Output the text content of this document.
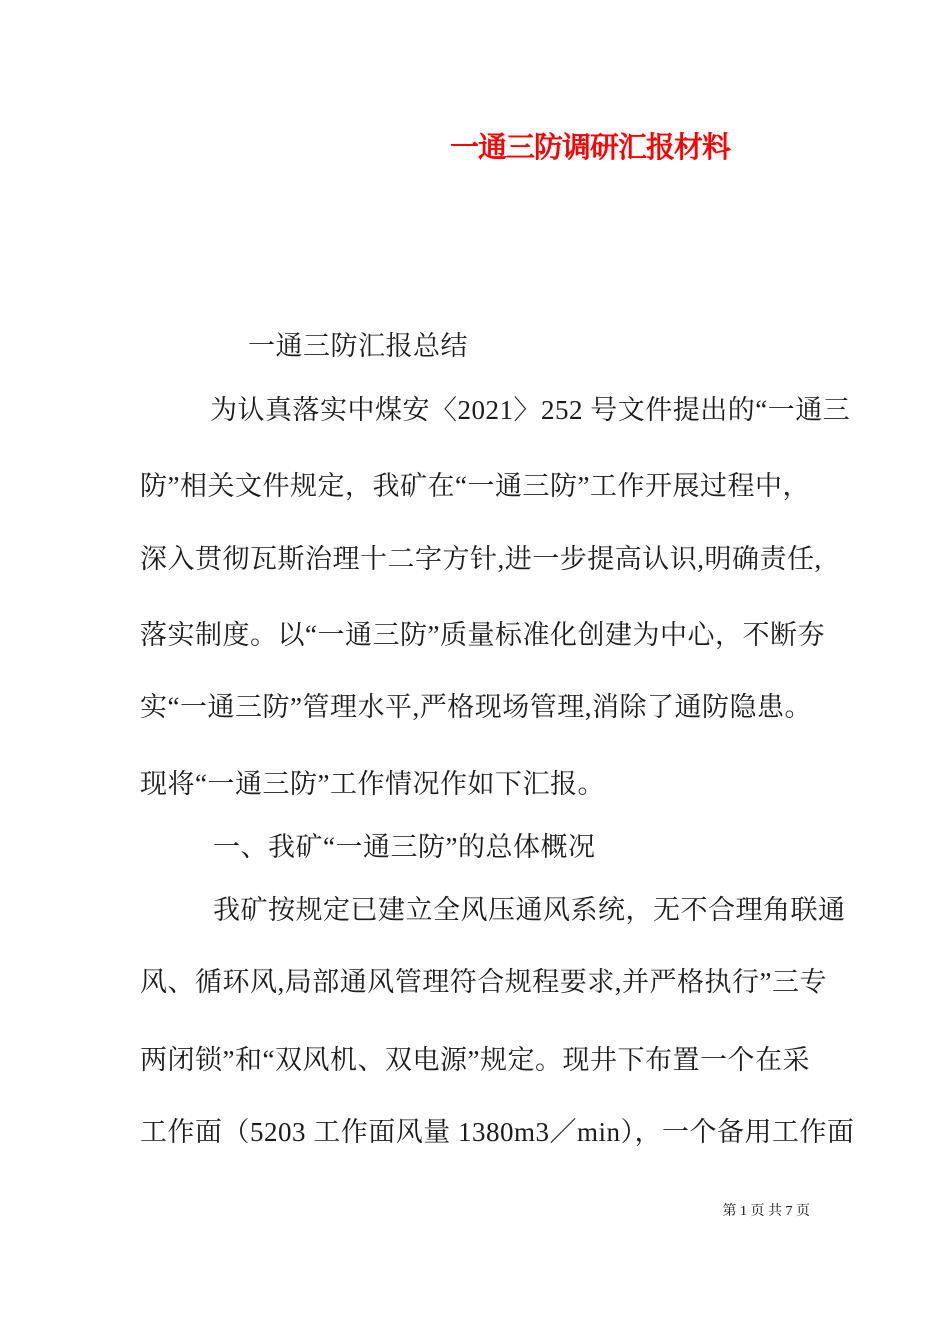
一通三防调研汇报材料
一通三防汇报总结
为认真落实中煤安〈2021〉252 号文件提出的“一通三
防”相关文件规定，我矿在“一通三防”工作开展过程中，
深入贯彻瓦斯治理十二字方针,进一步提高认识,明确责任,
落实制度。以“一通三防”质量标准化创建为中心，不断夯
实“一通三防”管理水平,严格现场管理,消除了通防隐患。
现将“一通三防”工作情况作如下汇报。
一、我矿“一通三防”的总体概况
我矿按规定已建立全风压通风系统，无不合理角联通
风、循环风,局部通风管理符合规程要求,并严格执行”三专
两闭锁”和“双风机、双电源”规定。现井下布置一个在采
工作面（5203 工作面风量 1380m3／min），一个备用工作面
第 1 页 共 7 页
